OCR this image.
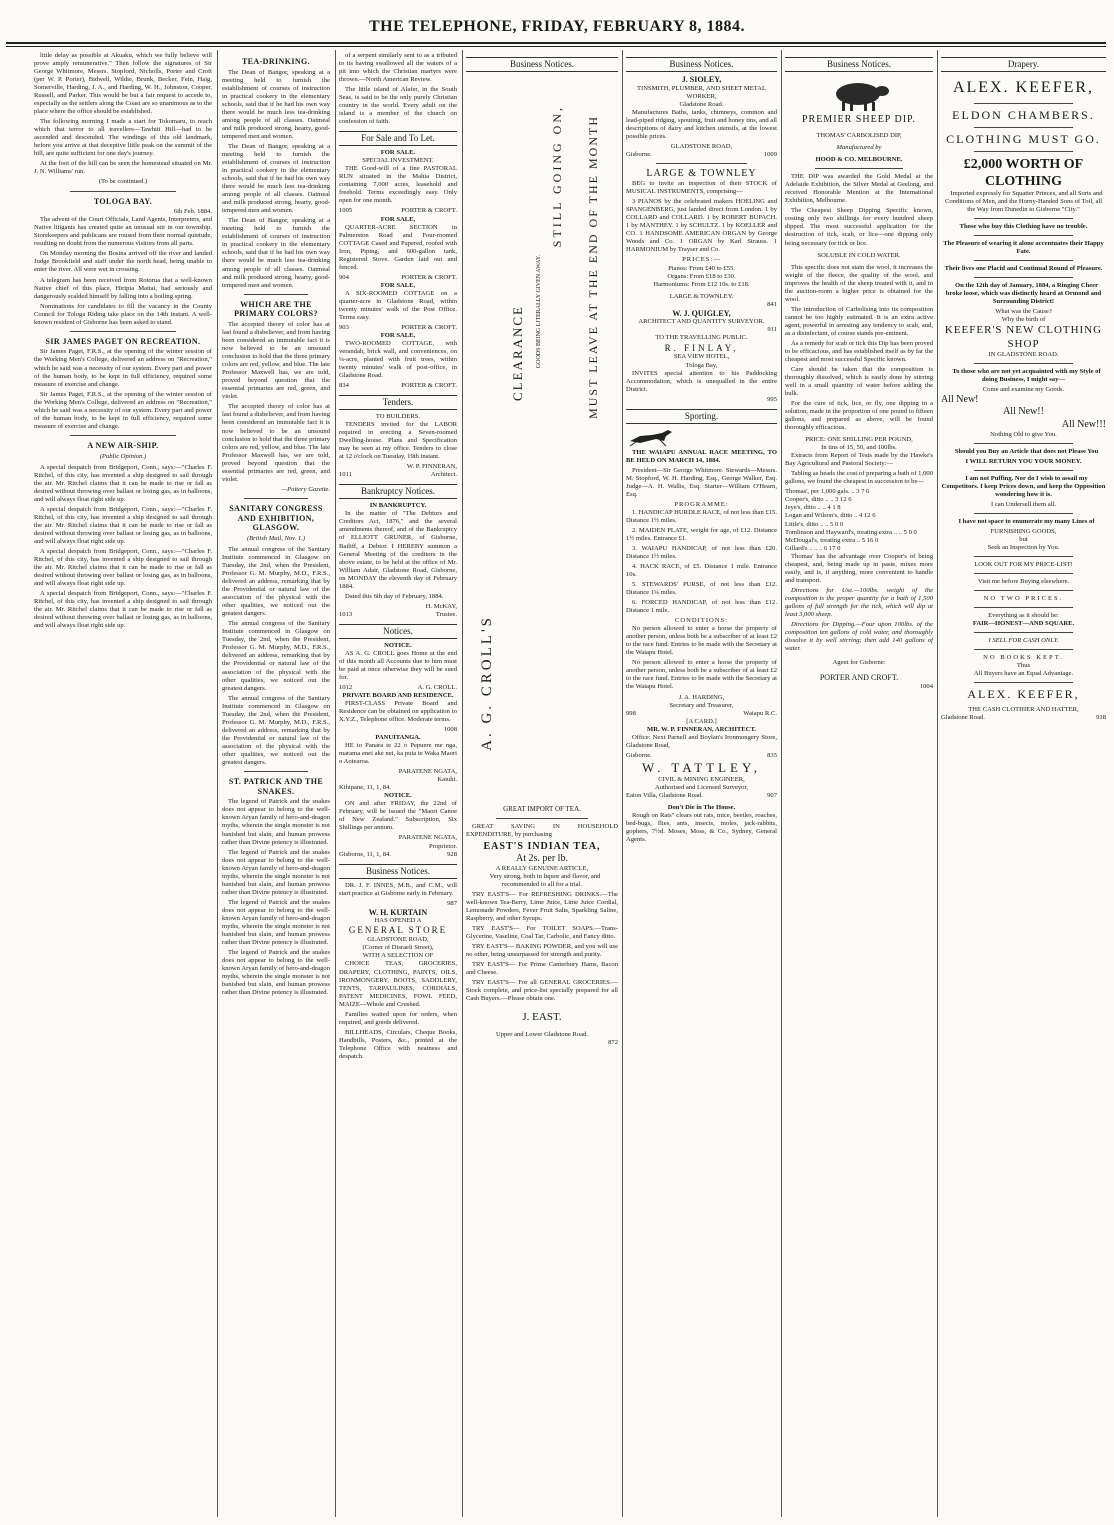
THE TELEPHONE, FRIDAY, FEBRUARY 8, 1884.

little delay as possible at Akuaku, which we fully believe will prove amply remunerative." Then follow the signatures of Sir George Whitmore, Messrs. Stopford, Nicholls, Porter and Croft (per W. P. Porter), Bidwell, Wildie, Brunk, Becker, Fein, Haig, Somerville, Harding, J. A., and Harding, W. H., Johnston, Cooper, Russell, and Parker. This would be but a fair request to accede to, especially as the settlers along the Coast are so unanimous as to the place where the office should be established.

The following morning I made a start for Tokomaru, to reach which that terror to all travellers—Tawhiti Hill—had to be ascended and descended. The windings of this old landmark, before you arrive at that deceptive little peak on the summit of the hill, are quite sufficient for one day's journey.

At the foot of the hill can be seen the homestead situated on Mr. J. N. Williams' run.

(To be continued.)
TOLOGA BAY.
6th Feb. 1884.

The advent of the Court Officials, Land Agents, Interpreters, and Native litigants has created quite an unusual stir in our township. Storekeepers and publicans are roused from their normal quietude, resulting no doubt from the numerous visitors from all parts.

On Monday morning the Bosina arrived off the river and landed Judge Brookfield and staff under the north head, being unable to enter the river. All were wet in crossing.

A telegram has been received from Rotorua that a well-known Native chief of this place, Hiripia Maitai, had seriously and dangerously scalded himself by falling into a boiling spring.

Nominations for candidates to fill the vacancy in the County Council for Tologa Riding take place on the 14th instant. A well-known resident of Gisborne has been asked to stand.

SIR JAMES PAGET ON RECREATION.

Sir James Paget, F.R.S., at the opening of the winter session of the Working Men's College, delivered an address on "Recreation," which he said was a necessity of our system. Every part and power of the human body, to be kept in full efficiency, required some measure of exercise and change.

Sir James Paget, F.R.S., at the opening of the winter session of the Working Men's College, delivered an address on "Recreation," which he said was a necessity of our system. Every part and power of the human body, to be kept in full efficiency, required some measure of exercise and change.

A NEW AIR-SHIP.
(Public Opinion.)

A special despatch from Bridgeport, Conn., says:—"Charles F. Ritchel, of this city, has invented a ship designed to sail through the air. Mr. Ritchel claims that it can be made to rise or fall as desired without throwing over ballast or losing gas, as in balloons, and will always float right side up.

A special despatch from Bridgeport, Conn., says:—"Charles F. Ritchel, of this city, has invented a ship designed to sail through the air. Mr. Ritchel claims that it can be made to rise or fall as desired without throwing over ballast or losing gas, as in balloons, and will always float right side up.

A special despatch from Bridgeport, Conn., says:—"Charles F. Ritchel, of this city, has invented a ship designed to sail through the air. Mr. Ritchel claims that it can be made to rise or fall as desired without throwing over ballast or losing gas, as in balloons, and will always float right side up.

A special despatch from Bridgeport, Conn., says:—"Charles F. Ritchel, of this city, has invented a ship designed to sail through the air. Mr. Ritchel claims that it can be made to rise or fall as desired without throwing over ballast or losing gas, as in balloons, and will always float right side up.

TEA-DRINKING.

The Dean of Bangor, speaking at a meeting held to furnish the establishment of courses of instruction in practical cookery in the elementary schools, said that if he had his own way there would be much less tea-drinking among people of all classes. Oatmeal and milk produced strong, hearty, good-tempered men and women.

The Dean of Bangor, speaking at a meeting held to furnish the establishment of courses of instruction in practical cookery in the elementary schools, said that if he had his own way there would be much less tea-drinking among people of all classes. Oatmeal and milk produced strong, hearty, good-tempered men and women.

The Dean of Bangor, speaking at a meeting held to furnish the establishment of courses of instruction in practical cookery in the elementary schools, said that if he had his own way there would be much less tea-drinking among people of all classes. Oatmeal and milk produced strong, hearty, good-tempered men and women.

WHICH ARE THE PRIMARY COLORS?

The accepted theory of color has at last found a disbeliever, and from having been considered an immutable fact it is now believed to be an unsound conclusion to hold that the three primary colors are red, yellow, and blue. The late Professor Maxwell has, we are told, proved beyond question that the essential primaries are red, green, and violet.

The accepted theory of color has at last found a disbeliever, and from having been considered an immutable fact it is now believed to be an unsound conclusion to hold that the three primary colors are red, yellow, and blue. The late Professor Maxwell has, we are told, proved beyond question that the essential primaries are red, green, and violet.

—Pottery Gazette.
SANITARY CONGRESS AND EXHIBITION, GLASGOW.
(British Mail, Nov. 1.)

The annual congress of the Sanitary Institute commenced in Glasgow on Tuesday, the 2nd, when the President, Professor G. M. Murphy, M.D., F.R.S., delivered an address, remarking that by the Providential or natural law of the association of the physical with the other qualities, we noticed out the greatest dangers.

The annual congress of the Sanitary Institute commenced in Glasgow on Tuesday, the 2nd, when the President, Professor G. M. Murphy, M.D., F.R.S., delivered an address, remarking that by the Providential or natural law of the association of the physical with the other qualities, we noticed out the greatest dangers.

The annual congress of the Sanitary Institute commenced in Glasgow on Tuesday, the 2nd, when the President, Professor G. M. Murphy, M.D., F.R.S., delivered an address, remarking that by the Providential or natural law of the association of the physical with the other qualities, we noticed out the greatest dangers.

ST. PATRICK AND THE SNAKES.

The legend of Patrick and the snakes does not appear to belong to the well-known Aryan family of hero-and-dragon myths, wherein the single monster is not banished but slain, and human prowess rather than Divine potency is illustrated.

The legend of Patrick and the snakes does not appear to belong to the well-known Aryan family of hero-and-dragon myths, wherein the single monster is not banished but slain, and human prowess rather than Divine potency is illustrated.

The legend of Patrick and the snakes does not appear to belong to the well-known Aryan family of hero-and-dragon myths, wherein the single monster is not banished but slain, and human prowess rather than Divine potency is illustrated.

The legend of Patrick and the snakes does not appear to belong to the well-known Aryan family of hero-and-dragon myths, wherein the single monster is not banished but slain, and human prowess rather than Divine potency is illustrated.

of a serpent similarly sent to as a tributed to its having swallowed all the waters of a pit into which the Christian martyrs were thrown.—North American Review.

The little island of Alafer, in the South Seas, is said to be the only purely Christian country in the world. Every adult on the island is a member of the church on confession of faith.

For Sale and To Let.
FOR SALE.
SPECIAL INVESTMENT.

THE Good-will of a fine PASTORAL RUN situated in the Mahia District, containing 7,000 acres, leasehold and freehold. Terms exceedingly easy. Only open for one month.

1005	PORTER & CROFT.
FOR SALE,

QUARTER-ACRE SECTION in Palmerston Road and Four-roomed COTTAGE Cased and Papered, roofed with Iron, Piping, and 600-gallon tank, Registered Stove. Garden laid out and fenced.

904	PORTER & CROFT.
FOR SALE,

A SIX-ROOMED COTTAGE on a quarter-acre in Gladstone Road, within twenty minutes' walk of the Post Office. Terms easy.

903	PORTER & CROFT.
FOR SALE,

TWO-ROOMED COTTAGE, with verandah, brick wall, and conveniences, on ¼-acre, planted with fruit trees, within twenty minutes' walk of post-office, in Gladstone Road.

834	PORTER & CROFT.
Tenders.
TO BUILDERS.

TENDERS invited for the LABOR required in erecting a Seven-roomed Dwelling-house. Plans and Specification may be seen at my office. Tenders to close at 12 o'clock on Tuesday, 19th instant.

W. P. FINNERAN,
1011	Architect.
Bankruptcy Notices.
IN BANKRUPTCY.

In the matter of "The Debtors and Creditors Act, 1876," and the several amendments thereof, and of the Bankruptcy of ELLIOTT GRUNER, of Gisborne, Bailiff, a Debtor. I HEREBY summon a General Meeting of the creditors in the above estate, to be held at the office of Mr. William Adair, Gladstone Road, Gisborne, on MONDAY the eleventh day of February 1884.

Dated this 6th day of February, 1884.

H. McKAY,
1013	Trustee.
Notices.
NOTICE.

AS A. G. CROLL goes Home at the end of this month all Accounts due to him must be paid at once otherwise they will be sued for.

1012	A. G. CROLL.
PRIVATE BOARD AND RESIDENCE.

FIRST-CLASS Private Board and Residence can be obtained on application to X.Y.Z., Telephone office. Moderate terms.

1008
PANUITANGA.

HE to Panara te 22 o Pepuere me nga, marama enei ake nei, ka puta te Waka Maori o Aotearoa.

PARATENE NGATA,
Kaiuhi.
Kihipane, 11, 1, 84.
NOTICE.

ON and after FRIDAY, the 22nd of February, will be issued the "Maori Canoe of New Zealand." Subscription, Six Shillings per annum.

PARATENE NGATA,
Proprietor.
Gisborne, 11, 1, 84.	928
Business Notices.

DR. J. F. INNES, M.B., and C.M., will start practice at Gisborne early in February.

987
W. H. KURTAIN
HAS OPENED A
GENERAL STORE
GLADSTONE ROAD,
(Corner of Disraeli Street),
WITH A SELECTION OF

CHOICE TEAS, GROCERIES, DRAPERY, CLOTHING, PAINTS, OILS, IRONMONGERY, BOOTS, SADDLERY, TENTS, TARPAULINES, CORDIALS, PATENT MEDICINES, FOWL FEED, MAIZE—Whole and Crushed.

Families waited upon for orders, when required, and goods delivered.

BILLHEADS, Circulars, Cheque Books, Handbills, Posters, &c., printed at the Telephone Office with neatness and despatch.

Business Notices.
A. G. CROLL'S
CLEARANCE GOODS BEING LITERALLY GIVEN AWAY.
STILL GOING ON, MUST LEAVE AT THE END OF THE MONTH
GREAT IMPORT OF TEA.

GREAT SAVING IN HOUSEHOLD EXPENDITURE, by purchasing

EAST'S INDIAN TEA,
At 2s. per lb.
A REALLY GENUINE ARTICLE,

Very strong, both in liquor and flavor, and recommended to all for a trial.

TRY EAST'S— For REFRESHING DRINKS.—The well-known Tea-Berry, Lime Juice, Lime Juice Cordial, Lemonade Powders, Fever Fruit Salts, Sparkling Saline, Raspberry, and other Syrups.

TRY EAST'S— For TOILET SOAPS.—Trans-Glycerine, Vaseline, Coal Tar, Carbolic, and Fancy ditto.

TRY EAST'S— BAKING POWDER, and you will use no other, being unsurpassed for strength and purity.

TRY EAST'S— For Prime Canterbury Hams, Bacon and Cheese.

TRY EAST'S— For all GENERAL GROCERIES.—Stock complete, and price-list specially prepared for all Cash Buyers.—Please obtain one.

J. EAST.
Upper and Lower Gladstone Road.
872
Business Notices.
J. SIOLEY,
TINSMITH, PLUMBER, AND SHEET METAL WORKER,
Gladstone Road.

Manufactures Baths, tanks, chimneys, common and lead-piped ridging, spouting, fruit and honey tins, and all descriptions of dairy and kitchen utensils, at the lowest possible prices.

GLADSTONE ROAD,
Gisborne.	1009
LARGE & TOWNLEY

BEG to invite an inspection of their STOCK of MUSICAL INSTRUMENTS, comprising—

3 PIANOS by the celebrated makers HOELING and SPANGENBERG, just landed direct from London. 1 by COLLARD and COLLARD. 1 by ROBERT BUPACH. 1 by MANTHEY. 1 by SCHULTZ. 1 by KOELLER and CO. 1 HANDSOME AMERICAN ORGAN by George Woods and Co. 1 ORGAN by Karl Strauss. 1 HARMONIUM by Trayser and Co.

PRICES:—
Pianos: From £40 to £55.
Organs: From £18 to £30.
Harmoniums: From £12 10s. to £18.
LARGE & TOWNLEY.
841
W. J. QUIGLEY,
ARCHITECT AND QUANTITY SURVEYOR.
911
TO THE TRAVELLING PUBLIC.
R. FINLAY,
SEA VIEW HOTEL,
Tologa Bay,

INVITES special attention to his Paddocking Accommodation, which is unequalled in the entire District.

995
Sporting.

THE WAIAPU ANNUAL RACE MEETING, TO BE HELD ON MARCH 14, 1884.

President—Sir George Whitmore. Stewards—Messrs. M. Stopford, W. H. Harding, Esq., George Walker, Esq. Judge—A. H. Wallis, Esq. Starter—William O'Hearn, Esq.

PROGRAMME:

1. HANDICAP HURDLE RACE, of not less than £15. Distance 1½ miles.

2. MAIDEN PLATE, weight for age, of £12. Distance 1½ miles. Entrance £1.

3. WAIAPU HANDICAP, of not less than £20. Distance 1½ miles.

4. HACK RACE, of £5. Distance 1 mile. Entrance 10s.

5. STEWARDS' PURSE, of not less than £12. Distance 1¼ miles.

6. FORCED HANDICAP, of not less than £12. Distance 1 mile.

CONDITIONS:

No person allowed to enter a horse the property of another person, unless both be a subscriber of at least £2 to the race fund. Entries to be made with the Secretary at the Waiapu Hotel.

No person allowed to enter a horse the property of another person, unless both be a subscriber of at least £2 to the race fund. Entries to be made with the Secretary at the Waiapu Hotel.

J. A. HARDING,
Secretary and Treasurer,
998	Waiapu R.C.
[A CARD.]
MR. W. P. FINNERAN, ARCHITECT.

Office: Next Parnell and Boylan's Ironmongery Store, Gladstone Road,

Gisborne.	835
W. TATTLEY,
CIVIL & MINING ENGINEER,
Authorised and Licensed Surveyor,
Eaton Villa, Gladstone Road.	907
Don't Die in The House.

Rough on Rats" clears out rats, mice, beetles, roaches, bed-bugs, flies, ants, insects, moles, jack-rabbits, gophers, 7½d. Moses, Moss, & Co., Sydney, General Agents.

Business Notices.
PREMIER SHEEP DIP.
THOMAS' CARBOLISED DIP,
Manufactured by
HOOD & CO. MELBOURNE.

THE DIP was awarded the Gold Medal at the Adelaide Exhibition, the Silver Medal at Geelong, and received Honorable Mention at the International Exhibition, Melbourne.

The Cheapest Sheep Dipping Specific known, costing only two shillings for every hundred sheep dipped. The most successful application for the destruction of tick, scab, or lice—one dipping only being necessary for tick or lice.

SOLUBLE IN COLD WATER.

This specific does not stain the wool, it increases the weight of the fleece, the quality of the wool, and improves the health of the sheep treated with it, and in the auction-room a higher price is obtained for the wool.

The introduction of Carbolising into its composition cannot be too highly estimated. It is an extra active agent, powerful in arresting any tendency to scab, and, as a disinfectant, of course stands pre-eminent.

As a remedy for scab or tick this Dip has been proved to be efficacious, and has established itself as by far the cheapest and most successful Specific known.

Care should be taken that the composition is thoroughly dissolved, which is easily done by stirring well in a small quantity of water before adding the bulk.

For the cure of tick, lice, or fly, one dipping in a solution, made in the proportion of one pound to fifteen gallons, and prepared as above, will be found thoroughly efficacious.

PRICE: ONE SHILLING PER POUND,
In tins of 15, 50, and 100lbs.

Extracts from Report of Tests made by the Hawke's Bay Agricultural and Pastoral Society:—

Tabling as heads the cost of preparing a bath of 1,000 gallons, we found the cheapest in succession to be—

Thomas', per 1,000 gals. .. 3 7 6
Cooper's, ditto .. .. 3 12 6
Jeye's, ditto .. .. 4 1 8
Logan and Wilson's, ditto .. 4 12 6
Little's, ditto .. .. 5 0 0
Tomlinson and Hayward's, treating extra .. .. 5 0 0
McDougal's, treating extra .. 5 16 0
Gillard's .. .. .. 6 17 0

Thomas' has the advantage over Cooper's of being cheapest, and, being made up in paste, mixes more easily, and is, if anything, more convenient to handle and transport.

Directions for Use.—100lbs. weight of the composition is the proper quantity for a bath of 1,500 gallons of full strength for the tick, which will dip at least 3,000 sheep.

Directions for Dipping.—Four upon 100lbs. of the composition ten gallons of cold water, and thoroughly dissolve it by well stirring; then add 140 gallons of water.

Agent for Gisborne:
PORTER AND CROFT.
1004
Drapery.
ALEX. KEEFER,
ELDON CHAMBERS.
CLOTHING MUST GO.
£2,000 WORTH OF CLOTHING

Imported expressly for Squatter Princes, and all Sorts and Conditions of Men, and the Horny-Handed Sons of Toil, all the Way from Dunedin to Gisborne "City."

Those who buy this Clothing have no trouble.
The Pleasure of wearing it alone accentuates their Happy Fate.
Their lives one Placid and Continual Round of Pleasure.

On the 12th day of January, 1884, a Ringing Cheer broke loose, which was distinctly heard at Ormond and Surrounding District!

What was the Cause?
Why the birth of
KEEFER'S NEW CLOTHING SHOP
IN GLADSTONE ROAD.

To those who are not yet acquainted with my Style of doing Business, I might say—

Come and examine my Goods.
All New!
All New!!
All New!!!
Nothing Old to give You.

Should you Buy an Article that does not Please You

I WILL RETURN YOU YOUR MONEY.

I am not Puffing. Nor do I wish to assail my Competitors. I keep Prices down, and keep the Opposition wondering how it is.

I can Undersell them all.

I have not space to enumerate my many Lines of

FURNISHING GOODS,
but
Seek an Inspection by You.
LOOK OUT FOR MY PRICE-LIST!
Visit me before Buying elsewhere.
NO TWO PRICES.
Everything as it should be:
FAIR—HONEST—AND SQUARE.
I SELL FOR CASH ONLY.
NO BOOKS KEPT.
Thus
All Buyers have an Equal Advantage.
ALEX. KEEFER,
THE CASH CLOTHIER AND HATTER,
Gladstone Road.	918
